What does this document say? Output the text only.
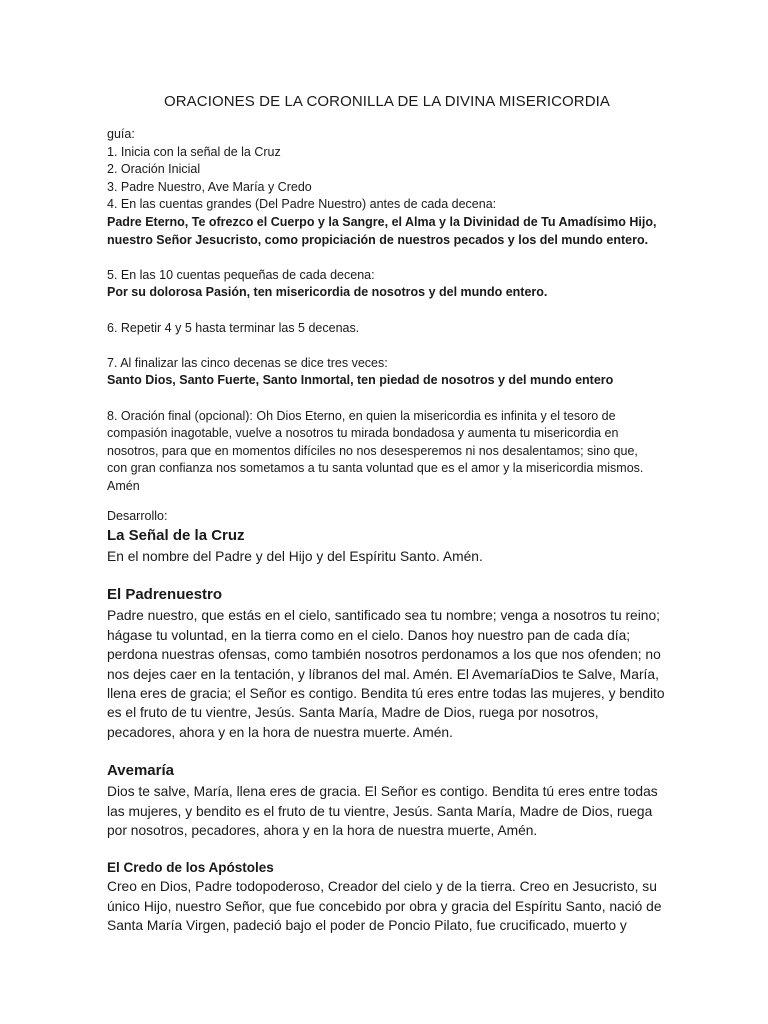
ORACIONES DE LA CORONILLA DE LA DIVINA MISERICORDIA

guía:

1. Inicia con la señal de la Cruz

2. Oración Inicial

3. Padre Nuestro, Ave María y Credo

4. En las cuentas grandes (Del Padre Nuestro) antes de cada decena:

Padre Eterno, Te ofrezco el Cuerpo y la Sangre, el Alma y la Divinidad de Tu Amadísimo Hijo,

nuestro Señor Jesucristo, como propiciación de nuestros pecados y los del mundo entero.

5. En las 10 cuentas pequeñas de cada decena:

Por su dolorosa Pasión, ten misericordia de nosotros y del mundo entero.

6. Repetir 4 y 5 hasta terminar las 5 decenas.

7. Al finalizar las cinco decenas se dice tres veces:

Santo Dios, Santo Fuerte, Santo Inmortal, ten piedad de nosotros y del mundo entero

8. Oración final (opcional): Oh Dios Eterno, en quien la misericordia es infinita y el tesoro de

compasión inagotable, vuelve a nosotros tu mirada bondadosa y aumenta tu misericordia en

nosotros, para que en momentos difíciles no nos desesperemos ni nos desalentamos; sino que,

con gran confianza nos sometamos a tu santa voluntad que es el amor y la misericordia mismos.

Amén

Desarrollo:

La Señal de la Cruz

En el nombre del Padre y del Hijo y del Espíritu Santo. Amén.

El Padrenuestro

Padre nuestro, que estás en el cielo, santificado sea tu nombre; venga a nosotros tu reino;

hágase tu voluntad, en la tierra como en el cielo. Danos hoy nuestro pan de cada día;

perdona nuestras ofensas, como también nosotros perdonamos a los que nos ofenden; no

nos dejes caer en la tentación, y líbranos del mal. Amén. El AvemaríaDios te Salve, María,

llena eres de gracia; el Señor es contigo. Bendita tú eres entre todas las mujeres, y bendito

es el fruto de tu vientre, Jesús. Santa María, Madre de Dios, ruega por nosotros,

pecadores, ahora y en la hora de nuestra muerte. Amén.

Avemaría

Dios te salve, María, llena eres de gracia. El Señor es contigo. Bendita tú eres entre todas

las mujeres, y bendito es el fruto de tu vientre, Jesús. Santa María, Madre de Dios, ruega

por nosotros, pecadores, ahora y en la hora de nuestra muerte, Amén.

El Credo de los Apóstoles

Creo en Dios, Padre todopoderoso, Creador del cielo y de la tierra. Creo en Jesucristo, su

único Hijo, nuestro Señor, que fue concebido por obra y gracia del Espíritu Santo, nació de

Santa María Virgen, padeció bajo el poder de Poncio Pilato, fue crucificado, muerto y
